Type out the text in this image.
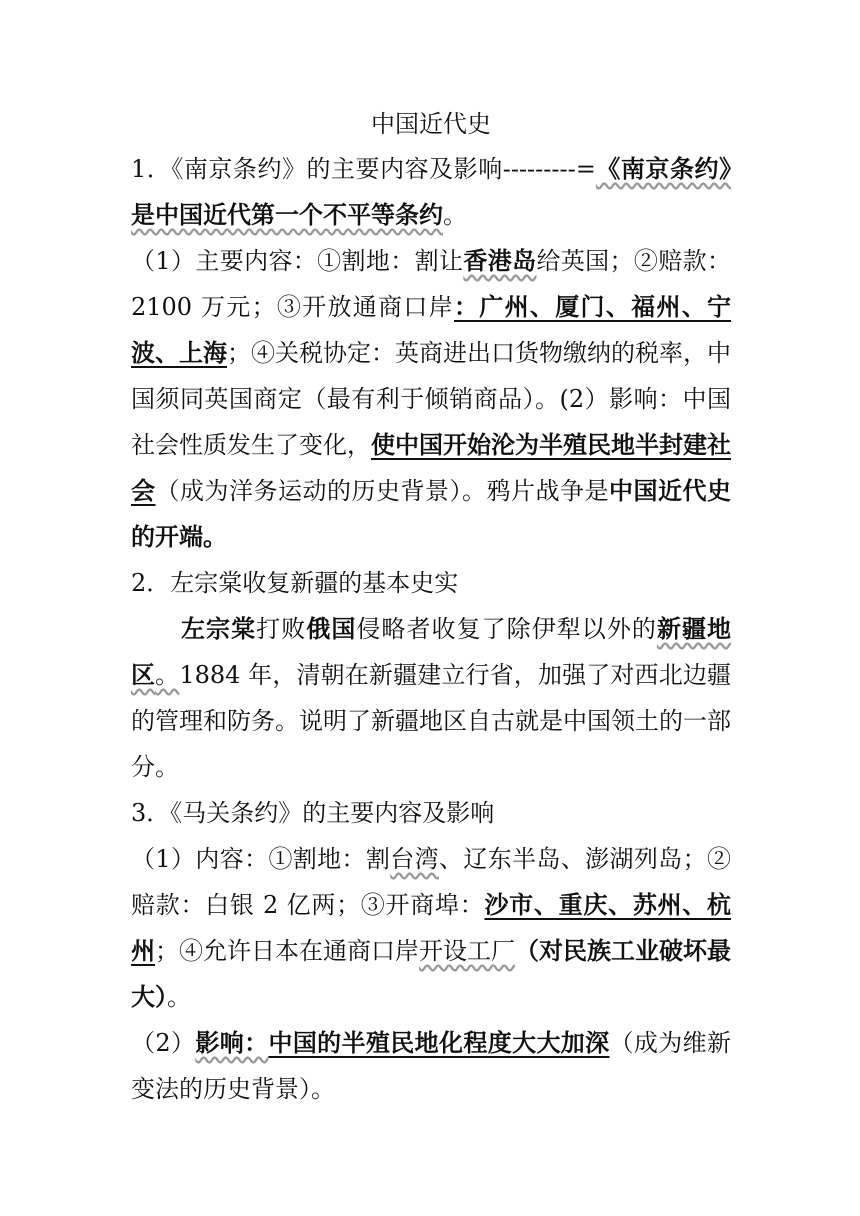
中国近代史

1．《南京条约》的主要内容及影响---------=《南京条约》是中国近代第一个不平等条约。

（1）主要内容：①割地：割让香港岛给英国；②赔款：2100 万元；③开放通商口岸：广州、厦门、福州、宁波、上海；④关税协定：英商进出口货物缴纳的税率，中国须同英国商定（最有利于倾销商品）。(2）影响：中国社会性质发生了变化，使中国开始沦为半殖民地半封建社会（成为洋务运动的历史背景）。鸦片战争是中国近代史的开端。

2．左宗棠收复新疆的基本史实

左宗棠打败俄国侵略者收复了除伊犁以外的新疆地区。1884 年，清朝在新疆建立行省，加强了对西北边疆的管理和防务。说明了新疆地区自古就是中国领土的一部分。

3．《马关条约》的主要内容及影响

（1）内容：①割地：割台湾、辽东半岛、澎湖列岛；②赔款：白银 2 亿两；③开商埠：沙市、重庆、苏州、杭州；④允许日本在通商口岸开设工厂（对民族工业破坏最大）。

（2）影响：中国的半殖民地化程度大大加深（成为维新变法的历史背景）。
